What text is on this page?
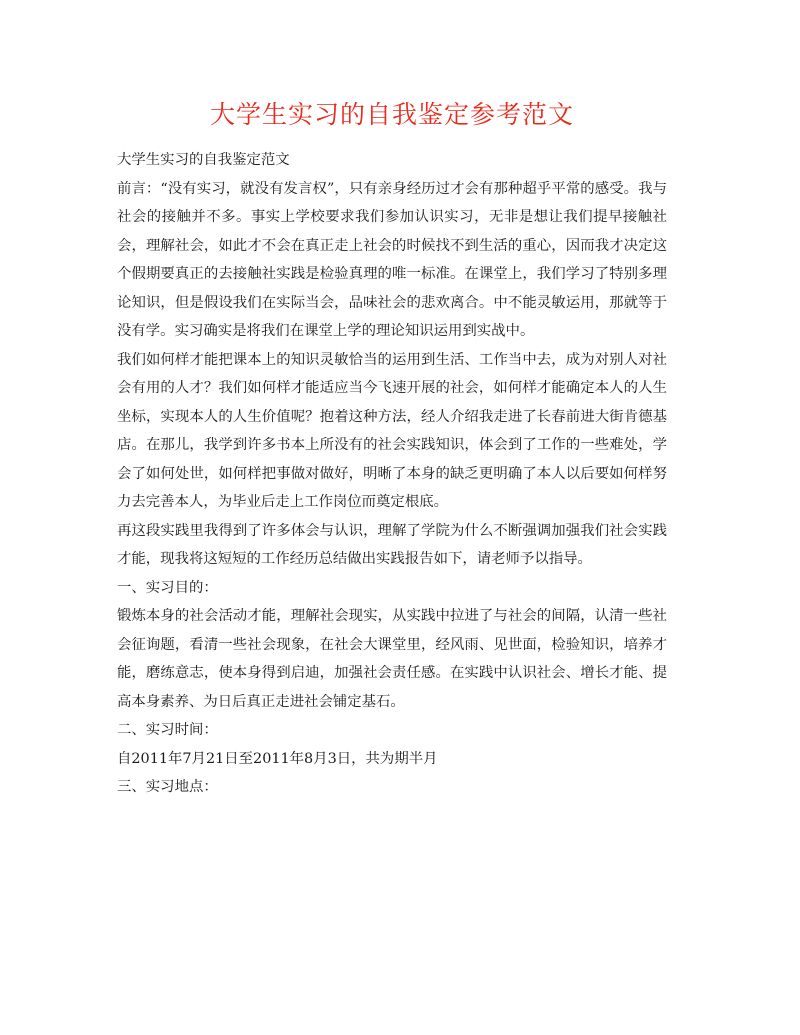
大学生实习的自我鉴定参考范文

大学生实习的自我鉴定范文

前言：“没有实习，就没有发言权”，只有亲身经历过才会有那种超乎平常的感受。我与社会的接触并不多。事实上学校要求我们参加认识实习，无非是想让我们提早接触社会，理解社会，如此才不会在真正走上社会的时候找不到生活的重心，因而我才决定这个假期要真正的去接触社实践是检验真理的唯一标准。在课堂上，我们学习了特别多理论知识，但是假设我们在实际当会，品味社会的悲欢离合。中不能灵敏运用，那就等于没有学。实习确实是将我们在课堂上学的理论知识运用到实战中。

我们如何样才能把课本上的知识灵敏恰当的运用到生活、工作当中去，成为对别人对社会有用的人才？我们如何样才能适应当今飞速开展的社会，如何样才能确定本人的人生坐标，实现本人的人生价值呢？抱着这种方法，经人介绍我走进了长春前进大街肯德基店。在那儿，我学到许多书本上所没有的社会实践知识，体会到了工作的一些难处，学会了如何处世，如何样把事做对做好，明晰了本身的缺乏更明确了本人以后要如何样努力去完善本人，为毕业后走上工作岗位而奠定根底。

再这段实践里我得到了许多体会与认识，理解了学院为什么不断强调加强我们社会实践才能，现我将这短短的工作经历总结做出实践报告如下，请老师予以指导。

一、实习目的：

锻炼本身的社会活动才能，理解社会现实，从实践中拉进了与社会的间隔，认清一些社会征询题，看清一些社会现象，在社会大课堂里，经风雨、见世面，检验知识，培养才能，磨练意志，使本身得到启迪，加强社会责任感。在实践中认识社会、增长才能、提高本身素养、为日后真正走进社会铺定基石。

二、实习时间：

自2011年7月21日至2011年8月3日，共为期半月

三、实习地点：
